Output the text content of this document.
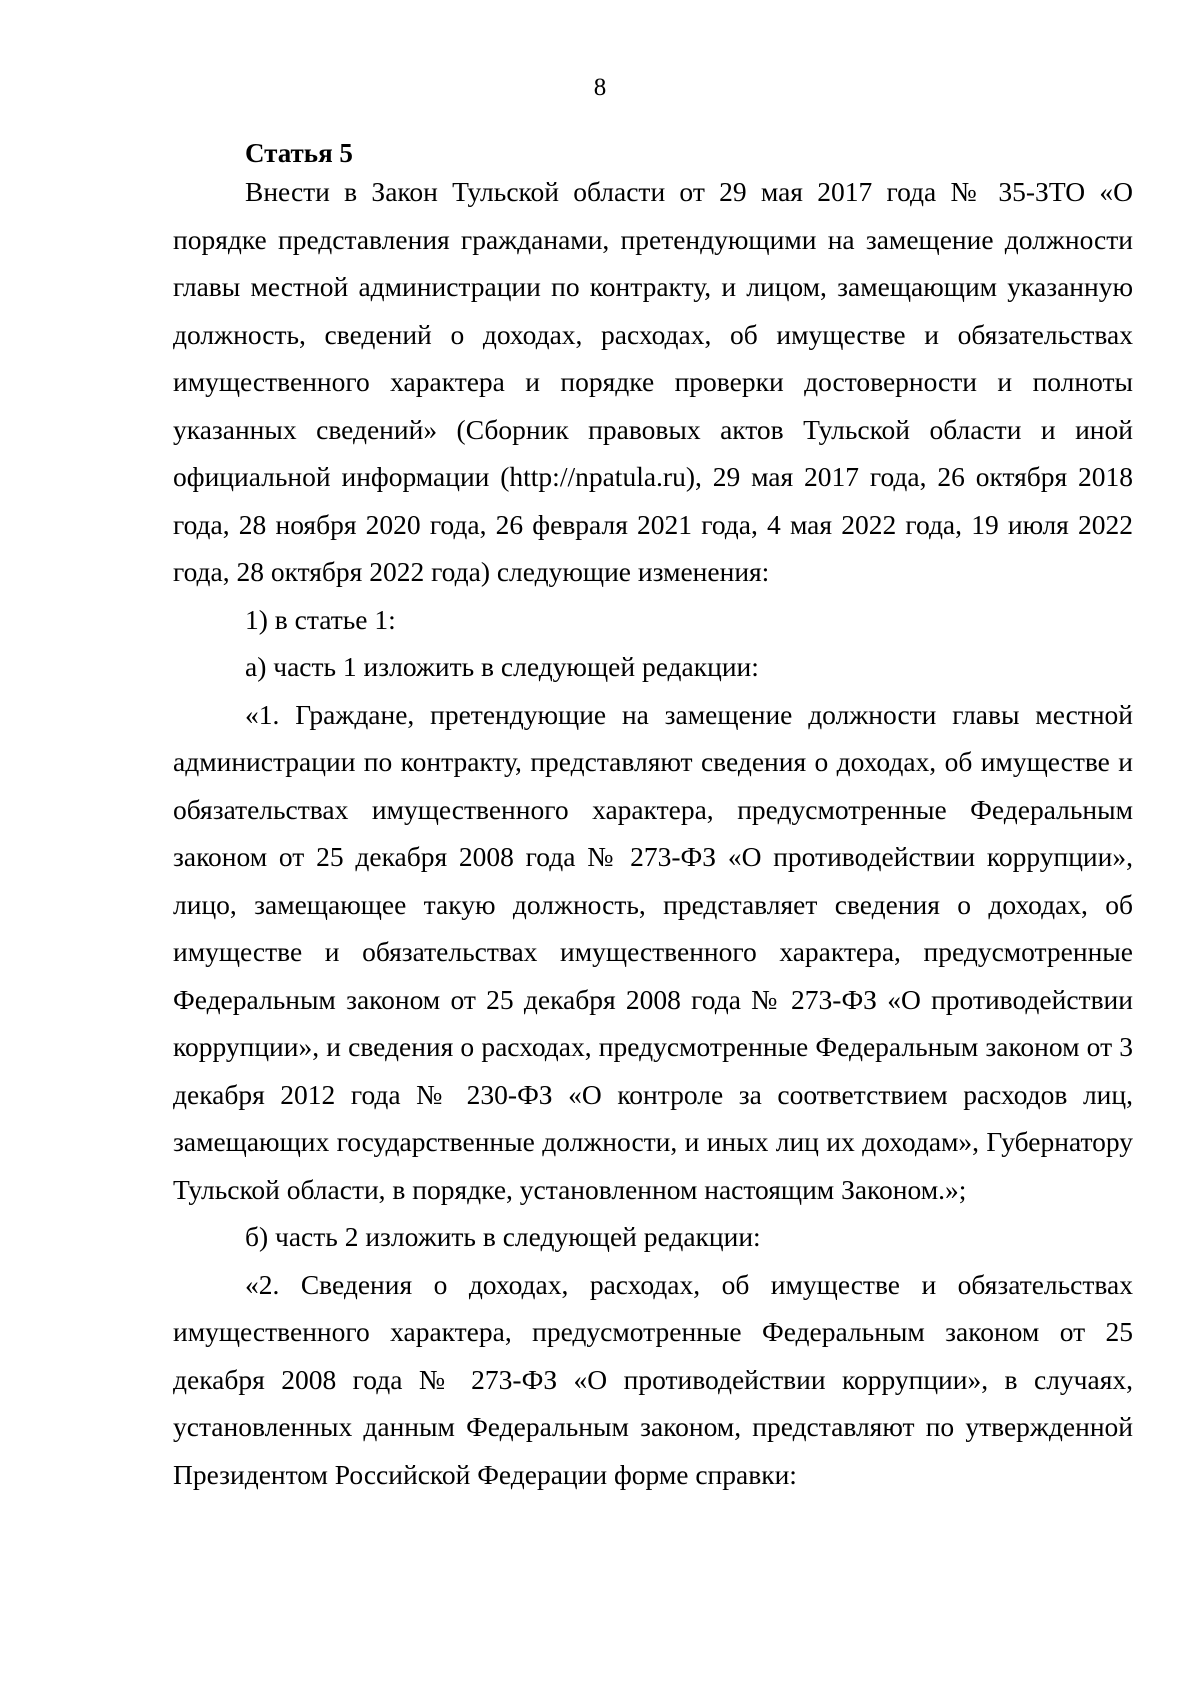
8
Статья 5

Внести в Закон Тульской области от 29 мая 2017 года № 35-ЗТО «О порядке представления гражданами, претендующими на замещение должности главы местной администрации по контракту, и лицом, замещающим указанную должность, сведений о доходах, расходах, об имуществе и обязательствах имущественного характера и порядке проверки достоверности и полноты указанных сведений» (Сборник правовых актов Тульской области и иной официальной информации (http://npatula.ru), 29 мая 2017 года, 26 октября 2018 года, 28 ноября 2020 года, 26 февраля 2021 года, 4 мая 2022 года, 19 июля 2022 года, 28 октября 2022 года) следующие изменения:

1) в статье 1:

а) часть 1 изложить в следующей редакции:

«1. Граждане, претендующие на замещение должности главы местной администрации по контракту, представляют сведения о доходах, об имуществе и обязательствах имущественного характера, предусмотренные Федеральным законом от 25 декабря 2008 года № 273-ФЗ «О противодействии коррупции», лицо, замещающее такую должность, представляет сведения о доходах, об имуществе и обязательствах имущественного характера, предусмотренные Федеральным законом от 25 декабря 2008 года № 273-ФЗ «О противодействии коррупции», и сведения о расходах, предусмотренные Федеральным законом от 3 декабря 2012 года № 230-ФЗ «О контроле за соответствием расходов лиц, замещающих государственные должности, и иных лиц их доходам», Губернатору Тульской области, в порядке, установленном настоящим Законом.»;

б) часть 2 изложить в следующей редакции:

«2. Сведения о доходах, расходах, об имуществе и обязательствах имущественного характера, предусмотренные Федеральным законом от 25 декабря 2008 года № 273-ФЗ «О противодействии коррупции», в случаях, установленных данным Федеральным законом, представляют по утвержденной Президентом Российской Федерации форме справки:
